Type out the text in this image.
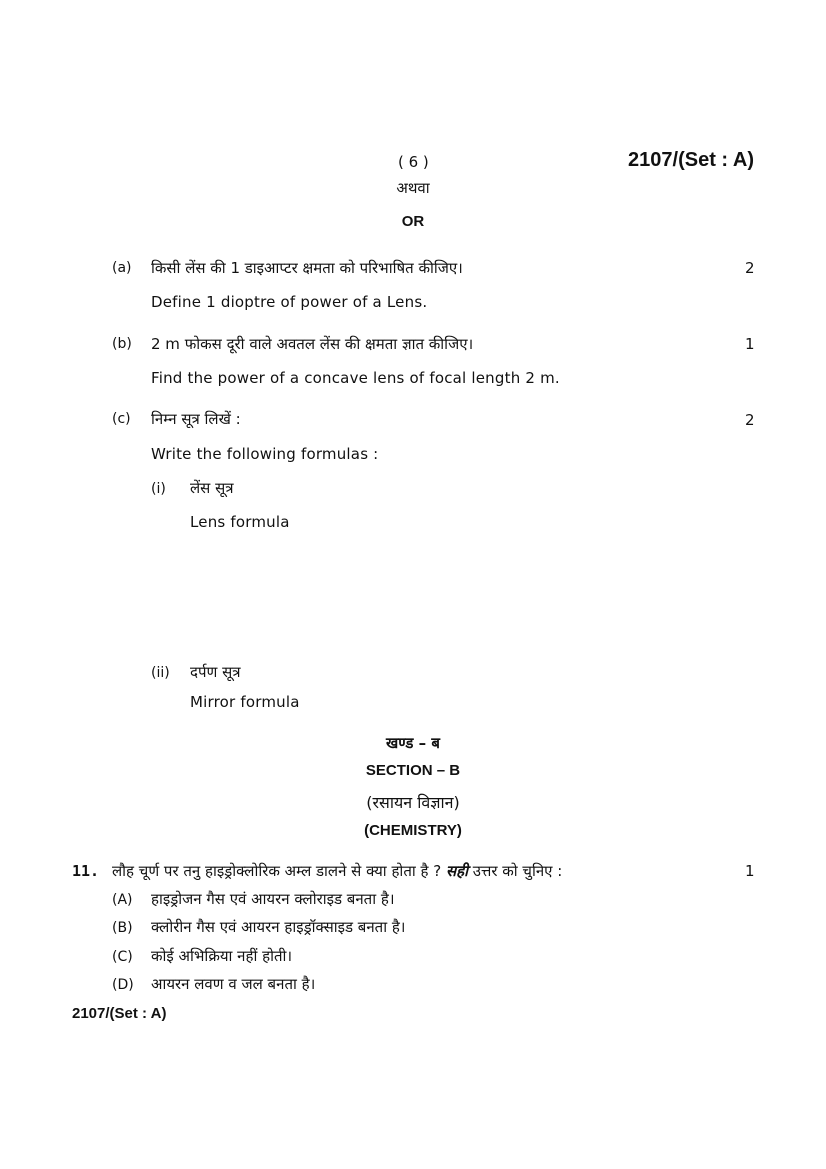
( 6 )	2107/(Set : A)
अथवा
OR
(a) किसी लेंस की 1 डाइआप्टर क्षमता को परिभाषित कीजिए।	2
Define 1 dioptre of power of a Lens.
(b) 2 m फोकस दूरी वाले अवतल लेंस की क्षमता ज्ञात कीजिए।	1
Find the power of a concave lens of focal length 2 m.
(c) निम्न सूत्र लिखें :	2
Write the following formulas :
(i) लेंस सूत्र
Lens formula
(ii) दर्पण सूत्र
Mirror formula
खण्ड – ब
SECTION – B
(रसायन विज्ञान)
(CHEMISTRY)
11. लौह चूर्ण पर तनु हाइड्रोक्लोरिक अम्ल डालने से क्या होता है ? सही उत्तर को चुनिए :	1
(A) हाइड्रोजन गैस एवं आयरन क्लोराइड बनता है।
(B) क्लोरीन गैस एवं आयरन हाइड्रॉक्साइड बनता है।
(C) कोई अभिक्रिया नहीं होती।
(D) आयरन लवण व जल बनता है।
2107/(Set : A)
